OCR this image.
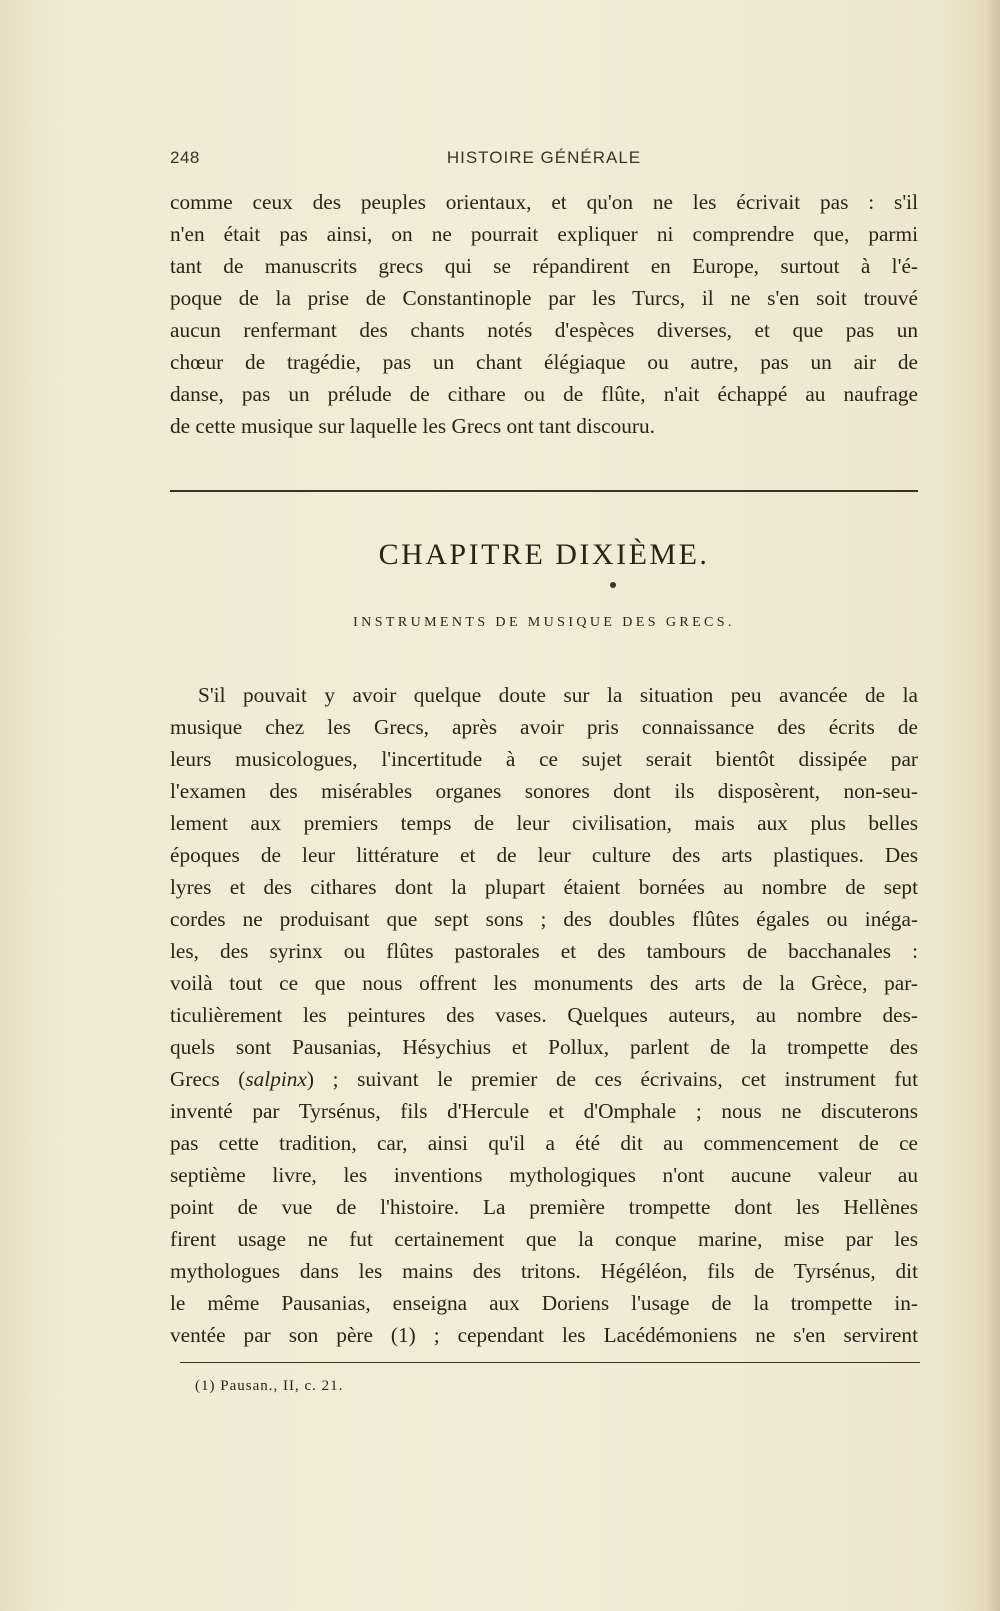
248	HISTOIRE GÉNÉRALE

comme ceux des peuples orientaux, et qu'on ne les écrivait pas : s'il
n'en était pas ainsi, on ne pourrait expliquer ni comprendre que, parmi
tant de manuscrits grecs qui se répandirent en Europe, surtout à l'é-
poque de la prise de Constantinople par les Turcs, il ne s'en soit trouvé
aucun renfermant des chants notés d'espèces diverses, et que pas un
chœur de tragédie, pas un chant élégiaque ou autre, pas un air de
danse, pas un prélude de cithare ou de flûte, n'ait échappé au naufrage
de cette musique sur laquelle les Grecs ont tant discouru.

CHAPITRE DIXIÈME.
INSTRUMENTS DE MUSIQUE DES GRECS.

S'il pouvait y avoir quelque doute sur la situation peu avancée de la
musique chez les Grecs, après avoir pris connaissance des écrits de
leurs musicologues, l'incertitude à ce sujet serait bientôt dissipée par
l'examen des misérables organes sonores dont ils disposèrent, non-seu-
lement aux premiers temps de leur civilisation, mais aux plus belles
époques de leur littérature et de leur culture des arts plastiques. Des
lyres et des cithares dont la plupart étaient bornées au nombre de sept
cordes ne produisant que sept sons ; des doubles flûtes égales ou inéga-
les, des syrinx ou flûtes pastorales et des tambours de bacchanales :
voilà tout ce que nous offrent les monuments des arts de la Grèce, par-
ticulièrement les peintures des vases. Quelques auteurs, au nombre des-
quels sont Pausanias, Hésychius et Pollux, parlent de la trompette des
Grecs (salpinx) ; suivant le premier de ces écrivains, cet instrument fut
inventé par Tyrsénus, fils d'Hercule et d'Omphale ; nous ne discuterons
pas cette tradition, car, ainsi qu'il a été dit au commencement de ce
septième livre, les inventions mythologiques n'ont aucune valeur au
point de vue de l'histoire. La première trompette dont les Hellènes
firent usage ne fut certainement que la conque marine, mise par les
mythologues dans les mains des tritons. Hégéléon, fils de Tyrsénus, dit
le même Pausanias, enseigna aux Doriens l'usage de la trompette in-
ventée par son père (1) ; cependant les Lacédémoniens ne s'en servirent

(1) Pausan., II, c. 21.
